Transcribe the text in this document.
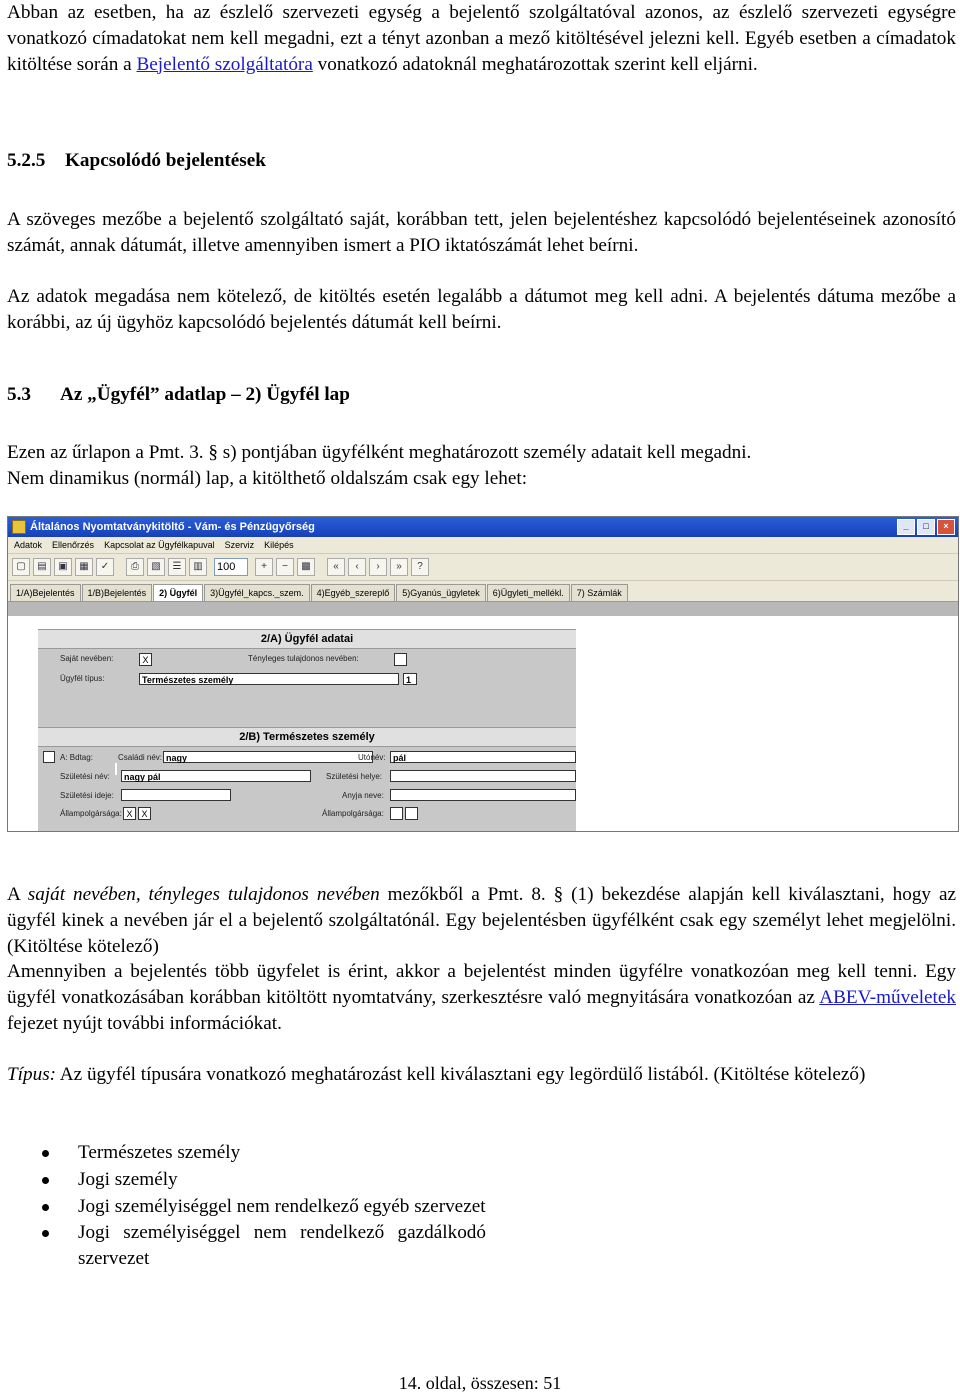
Abban az esetben, ha az észlelő szervezeti egység a bejelentő szolgáltatóval azonos, az észlelő szervezeti egységre vonatkozó címadatokat nem kell megadni, ezt a tényt azonban a mező kitöltésével jelezni kell. Egyéb esetben a címadatok kitöltése során a Bejelentő szolgáltatóra vonatkozó adatoknál meghatározottak szerint kell eljárni.

5.2.5 Kapcsolódó bejelentések

A szöveges mezőbe a bejelentő szolgáltató saját, korábban tett, jelen bejelentéshez kapcsolódó bejelentéseinek azonosító számát, annak dátumát, illetve amennyiben ismert a PIO iktatószámát lehet beírni.

Az adatok megadása nem kötelező, de kitöltés esetén legalább a dátumot meg kell adni. A bejelentés dátuma mezőbe a korábbi, az új ügyhöz kapcsolódó bejelentés dátumát kell beírni.

5.3 Az „Ügyfél” adatlap – 2) Ügyfél lap

Ezen az űrlapon a Pmt. 3. § s) pontjában ügyfélként meghatározott személy adatait kell megadni.

Nem dinamikus (normál) lap, a kitölthető oldalszám csak egy lehet:

Általános Nyomtatványkitöltő - Vám- és Pénzügyőrség	_	□	×
Adatok Ellenőrzés Kapcsolat az Ügyfélkapuval Szerviz Kilépés
▢	▤	▣	▦	✓	⎙	▧	☰	▥	100	+	−	▩	«	‹	›	»	?
1/A)Bejelentés	1/B)Bejelentés	2) Ügyfél	3)Ügyfél_kapcs._szem.	4)Egyéb_szereplő	5)Gyanús_ügyletek	6)Ügyleti_mellékl.	7) Számlák
2/A) Ügyfél adatai
Saját nevében:	X	Tényleges tulajdonos nevében:
Ügyfél típus:	Természetes személy	1
2/B) Természetes személy
A: Bdtag:	Családi név: nagy	Utónév: pál
Születési név:	nagy pál	Születési helye:
Születési ideje:	Anyja neve:
Állampolgársága: X X	Állampolgársága:

A saját nevében, tényleges tulajdonos nevében mezőkből a Pmt. 8. § (1) bekezdése alapján kell kiválasztani, hogy az ügyfél kinek a nevében jár el a bejelentő szolgáltatónál. Egy bejelentésben ügyfélként csak egy személyt lehet megjelölni.(Kitöltése kötelező)

Amennyiben a bejelentés több ügyfelet is érint, akkor a bejelentést minden ügyfélre vonatkozóan meg kell tenni. Egy ügyfél vonatkozásában korábban kitöltött nyomtatvány, szerkesztésre való megnyitására vonatkozóan az ABEV-műveletek fejezet nyújt további információkat.

Típus: Az ügyfél típusára vonatkozó meghatározást kell kiválasztani egy legördülő listából. (Kitöltése kötelező)

Természetes személy
Jogi személy
Jogi személyiséggel nem rendelkező egyéb szervezet
Jogi személyiséggel nem rendelkező gazdálkodó szervezet
14. oldal, összesen: 51
